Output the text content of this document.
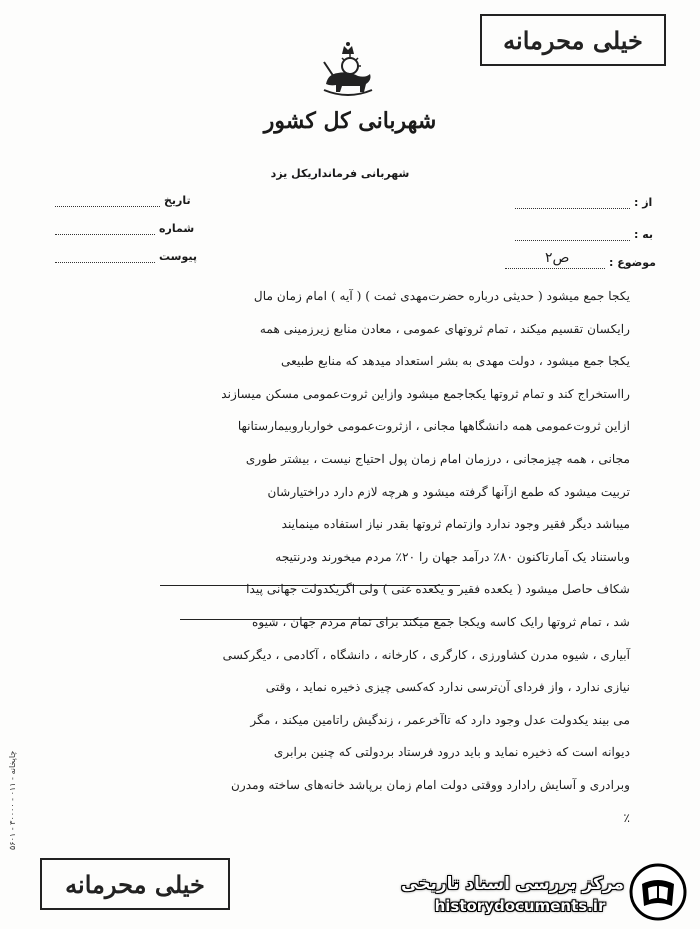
خیلی محرمانه
شهربانی کل کشور
شهربانی فرمانداریکل یزد
از :
به :
موضوع :
ص۲
تاریخ
شماره
پیوست

یکجا جمع میشود ( حدیثی درباره حضرت‌مهدی ثمت ) ( آیه ) امام زمان مال

رایکسان تقسیم میکند ، تمام ثروتهای عمومی ، معادن منابع زیرزمینی همه

یکجا جمع میشود ، دولت مهدی به بشر استعداد میدهد که منابع طبیعی

رااستخراج کند و تمام ثروتها یکجاجمع میشود وازاین ثروت‌عمومی مسکن میسازند

ازاین ثروت‌عمومی همه دانشگاهها مجانی ، ازثروت‌عمومی خوارباروبیمارستانها

مجانی ، همه چیزمجانی ، درزمان امام زمان پول احتیاج نیست ، بیشتر طوری

تربیت میشود که طمع ازآنها گرفته میشود و هرچه لازم دارد دراختیارشان

میباشد دیگر فقیر وجود ندارد وازتمام ثروتها بقدر نیاز استفاده مینمایند

وباستناد یک آمارتاکنون ۸۰٪ درآمد جهان را ۲۰٪ مردم میخورند ودرنتیجه

شکاف حاصل میشود ( یکعده فقیر و یکعده غنی ) ولی اگریکدولت جهانی پیدا

شد ، تمام ثروتها رایک کاسه ویکجا جمع میکند برای تمام مردم جهان ، شیوه

آبیاری ، شیوه مدرن کشاورزی ، کارگری ، کارخانه ، دانشگاه ، آکادمی ، دیگرکسی

نیازی ندارد ، واز فردای آن‌ترسی ندارد که‌کسی چیزی ذخیره نماید ، وقتی

می بیند یکدولت عدل وجود دارد که تاآخرعمر ، زندگیش راتامین میکند ، مگر

دیوانه است که ذخیره نماید و باید درود فرستاد بردولتی که چنین برابری

وبرادری و آسایش رادارد ووقتی دولت امام زمان برپاشد خانه‌های ساخته ومدرن

٪

۵۶۰۱ - ۳۰۰۰۰ - ۰۱۱ - چاپخانه
خیلی محرمانه	مرکز بررسی اسناد تاریخی
historydocuments.ir
